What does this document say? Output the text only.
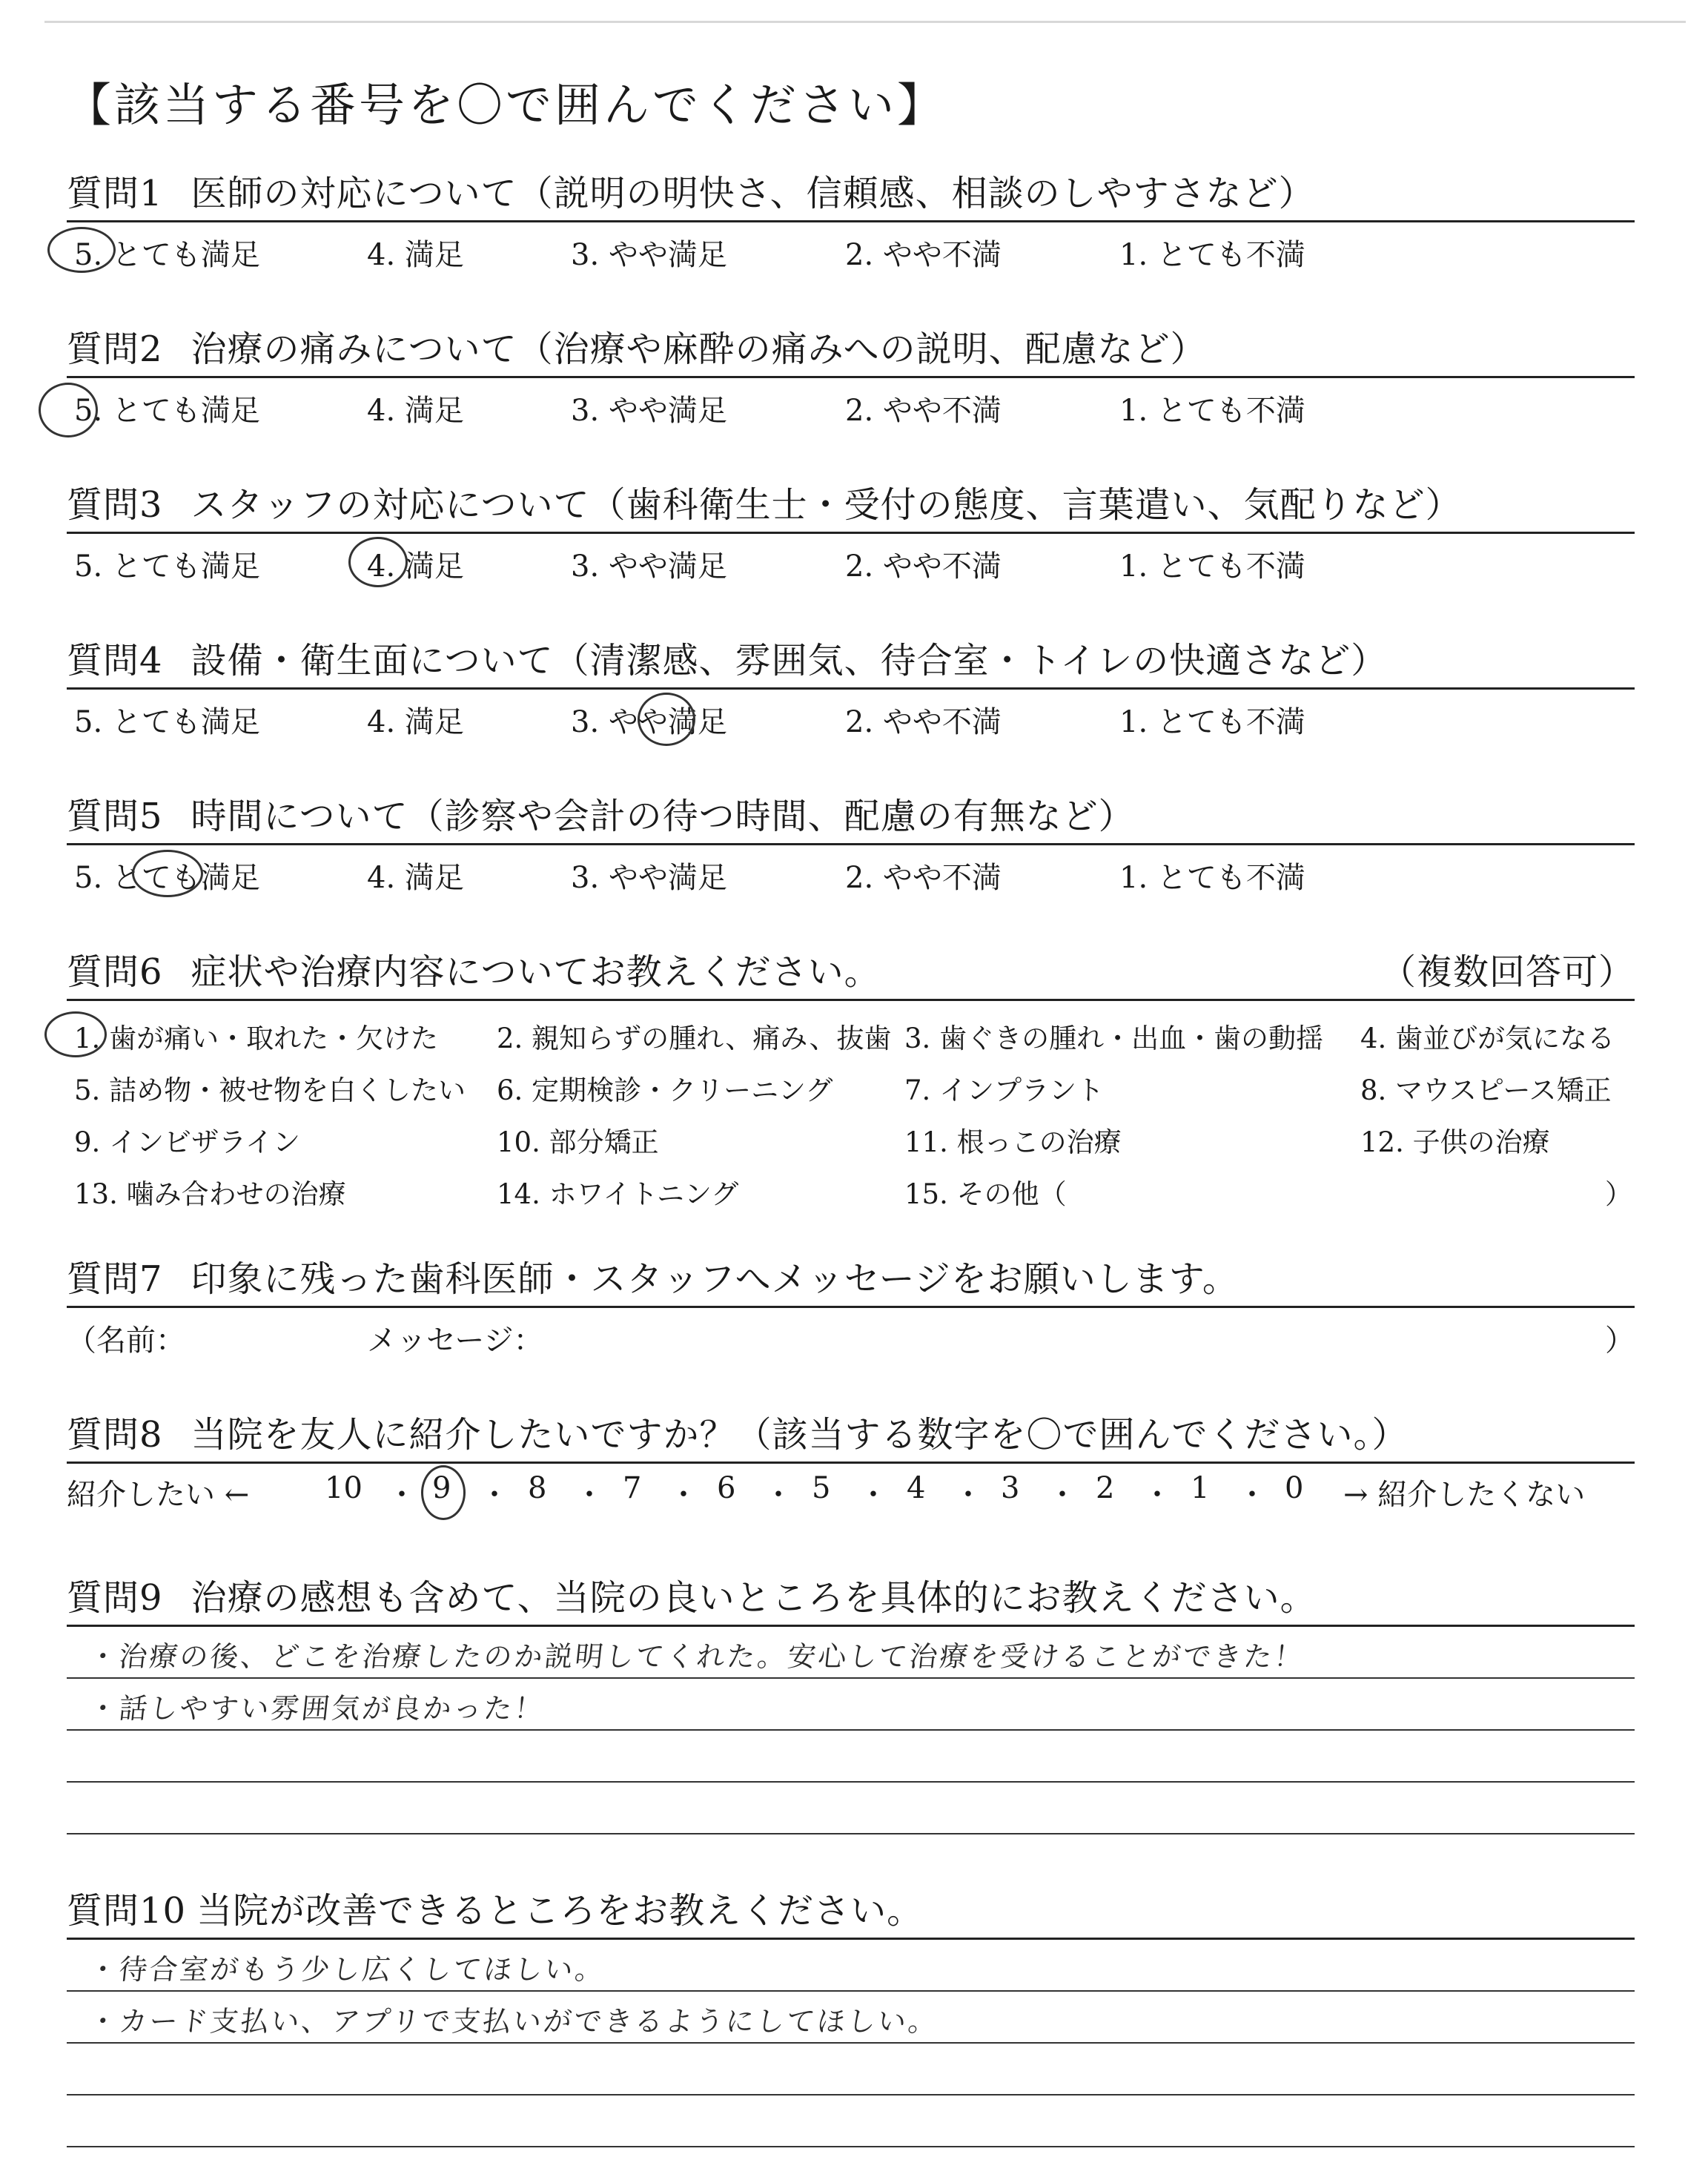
【該当する番号を〇で囲んでください】
質問1 医師の対応について（説明の明快さ、信頼感、相談のしやすさなど）
5. とても満足	4. 満足	3. やや満足	2. やや不満	1. とても不満
質問2 治療の痛みについて（治療や麻酔の痛みへの説明、配慮など）
5. とても満足	4. 満足	3. やや満足	2. やや不満	1. とても不満
質問3 スタッフの対応について（歯科衛生士・受付の態度、言葉遣い、気配りなど）
5. とても満足	4. 満足	3. やや満足	2. やや不満	1. とても不満
質問4 設備・衛生面について（清潔感、雰囲気、待合室・トイレの快適さなど）
5. とても満足	4. 満足	3. やや満足	2. やや不満	1. とても不満
質問5 時間について（診察や会計の待つ時間、配慮の有無など）
5. とても満足	4. 満足	3. やや満足	2. やや不満	1. とても不満
質問6 症状や治療内容についてお教えください。	（複数回答可）
1. 歯が痛い・取れた・欠けた 2. 親知らずの腫れ、痛み、抜歯 3. 歯ぐきの腫れ・出血・歯の動揺 4. 歯並びが気になる
5. 詰め物・被せ物を白くしたい 6. 定期検診・クリーニング	7. インプラント	8. マウスピース矯正
9. インビザライン	10. 部分矯正	11. 根っこの治療	12. 子供の治療
13. 噛み合わせの治療	14. ホワイトニング	15. その他（	）
質問7 印象に残った歯科医師・スタッフへメッセージをお願いします。
（名前：	メッセージ：	）
質問8 当院を友人に紹介したいですか？（該当する数字を〇で囲んでください。）
紹介したい ←	10 ・ 9 ・ 8 ・ 7 ・ 6 ・ 5 ・ 4 ・ 3 ・ 2 ・ 1 ・ 0 → 紹介したくない
質問9 治療の感想も含めて、当院の良いところを具体的にお教えください。
・治療の後、どこを治療したのか説明してくれた。安心して治療を受けることができた！
・話しやすい雰囲気が良かった！
質問10 当院が改善できるところをお教えください。
・待合室がもう少し広くしてほしい。
・カード支払い、アプリで支払いができるようにしてほしい。
